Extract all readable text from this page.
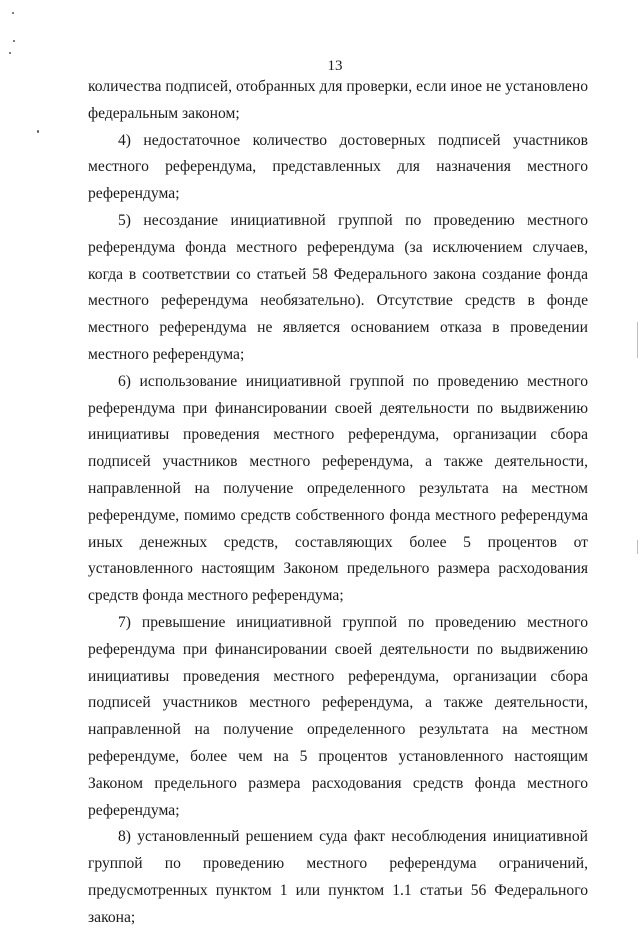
13

количества подписей, отобранных для проверки, если иное не установлено федеральным законом;

4) недостаточное количество достоверных подписей участников местного референдума, представленных для назначения местного референдума;

5) несоздание инициативной группой по проведению местного референдума фонда местного референдума (за исключением случаев, когда в соответствии со статьей 58 Федерального закона создание фонда местного референдума необязательно). Отсутствие средств в фонде местного референдума не является основанием отказа в проведении местного референдума;

6) использование инициативной группой по проведению местного референдума при финансировании своей деятельности по выдвижению инициативы проведения местного референдума, организации сбора подписей участников местного референдума, а также деятельности, направленной на получение определенного результата на местном референдуме, помимо средств собственного фонда местного референдума иных денежных средств, составляющих более 5 процентов от установленного настоящим Законом предельного размера расходования средств фонда местного референдума;

7) превышение инициативной группой по проведению местного референдума при финансировании своей деятельности по выдвижению инициативы проведения местного референдума, организации сбора подписей участников местного референдума, а также деятельности, направленной на получение определенного результата на местном референдуме, более чем на 5 процентов установленного настоящим Законом предельного размера расходования средств фонда местного референдума;

8) установленный решением суда факт несоблюдения инициативной группой по проведению местного референдума ограничений, предусмотренных пунктом 1 или пунктом 1.1 статьи 56 Федерального закона;
